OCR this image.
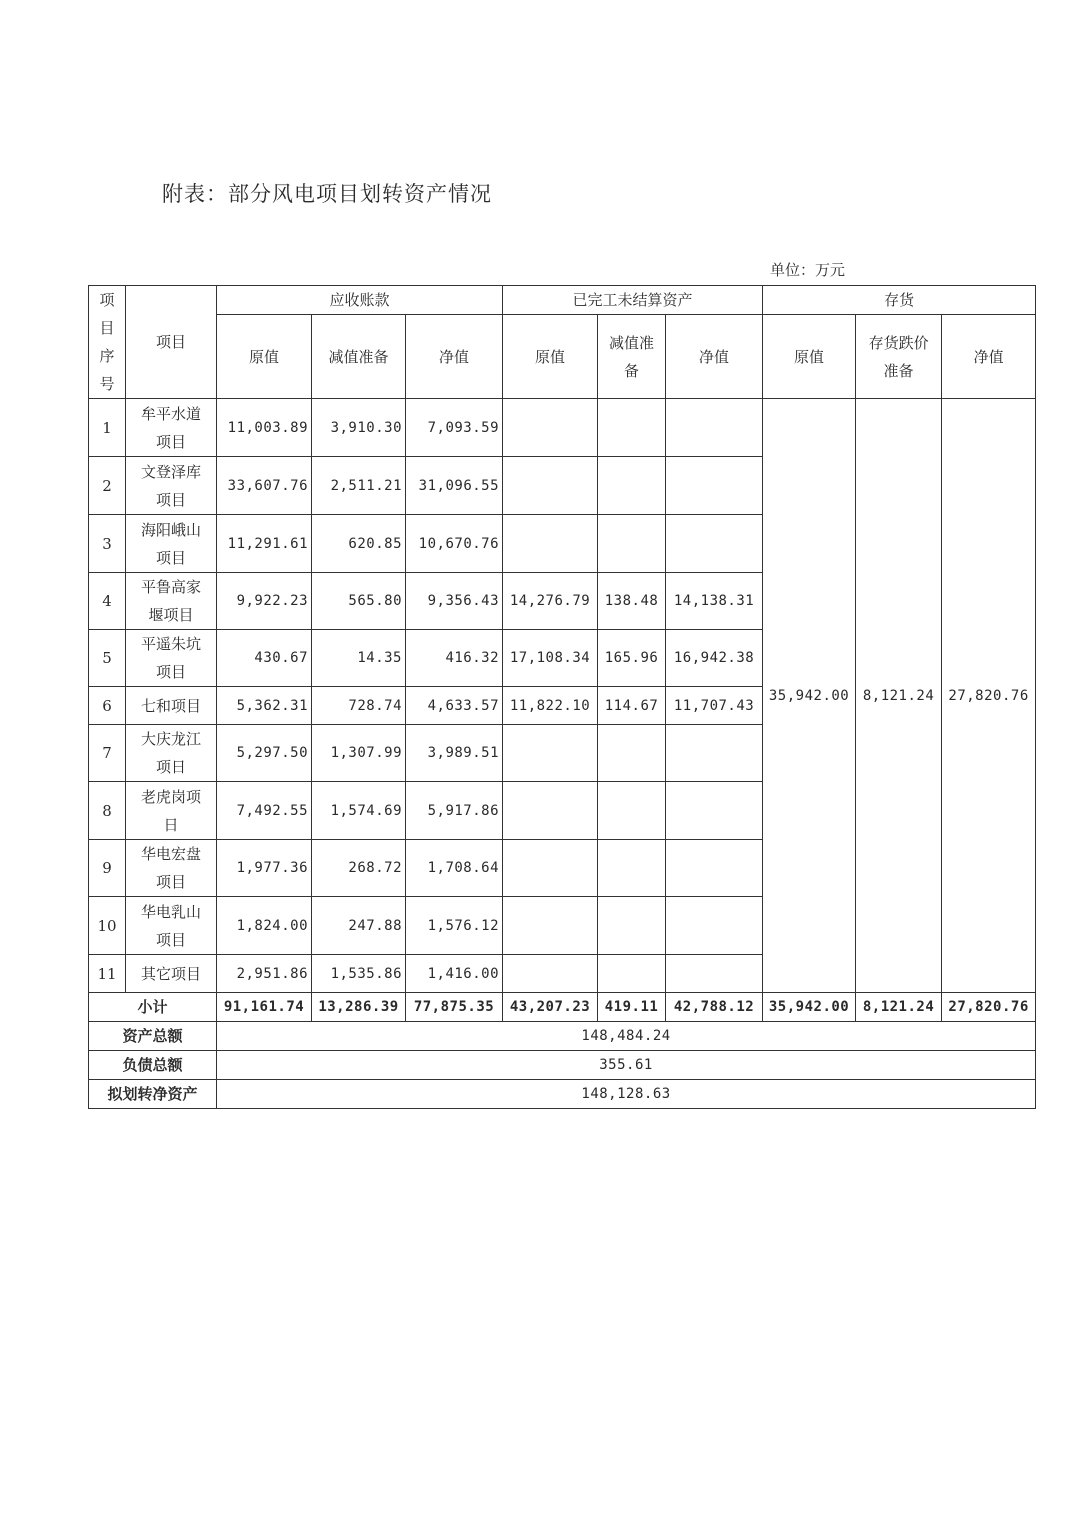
附表：部分风电项目划转资产情况
单位：万元
项目序号	项目	应收账款			已完工未结算资产			存货		
		原值	减值准备	净值	原值	减值准备	净值	原值	存货跌价准备	净值
1	牟平水道项目	11,003.89	3,910.30	7,093.59				35,942.00	8,121.24	27,820.76
2	文登泽库项目	33,607.76	2,511.21	31,096.55						
3	海阳峨山项目	11,291.61	620.85	10,670.76						
4	平鲁高家堰项目	9,922.23	565.80	9,356.43	14,276.79	138.48	14,138.31			
5	平遥朱坑项目	430.67	14.35	416.32	17,108.34	165.96	16,942.38			
6	七和项目	5,362.31	728.74	4,633.57	11,822.10	114.67	11,707.43			
7	大庆龙江项日	5,297.50	1,307.99	3,989.51						
8	老虎岗项日	7,492.55	1,574.69	5,917.86						
9	华电宏盘项目	1,977.36	268.72	1,708.64						
10	华电乳山项目	1,824.00	247.88	1,576.12						
11	其它项目	2,951.86	1,535.86	1,416.00						
小计		91,161.74	13,286.39	77,875.35	43,207.23	419.11	42,788.12	35,942.00	8,121.24	27,820.76
资产总额		148,484.24								
负债总额		355.61								
拟划转净资产		148,128.63								
